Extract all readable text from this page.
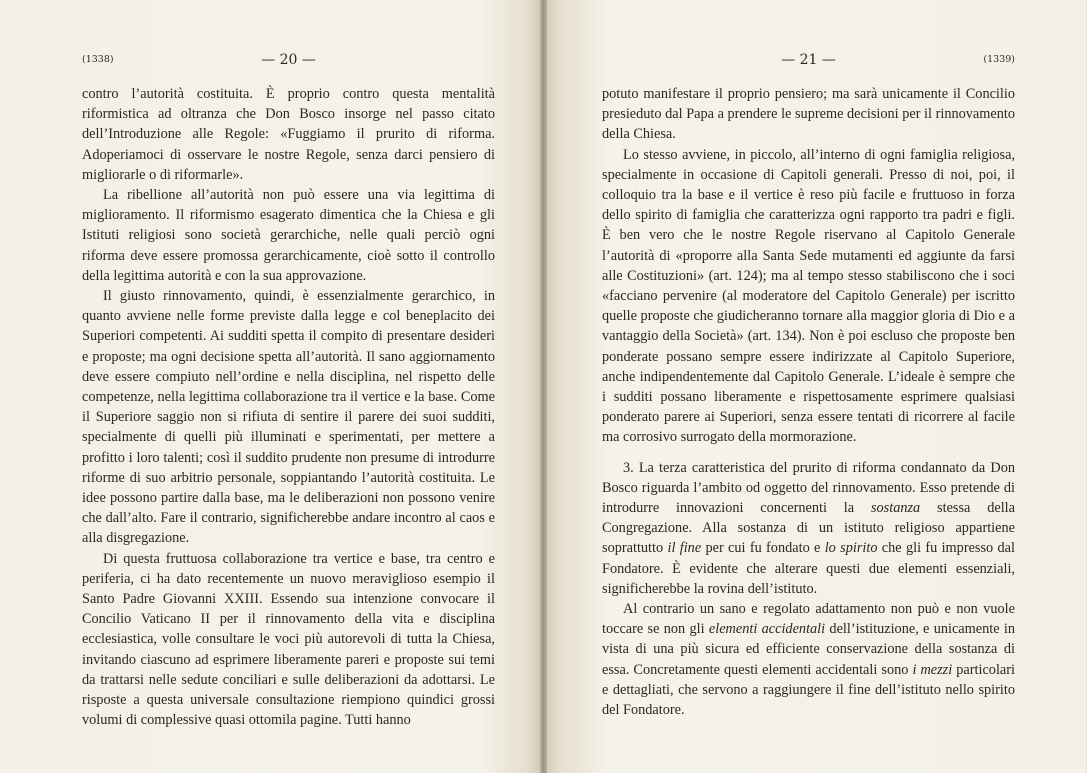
(1338)	— 20 —

contro l’autorità costituita. È proprio contro questa mentalità riformistica ad oltranza che Don Bosco insorge nel passo citato dell’Introduzione alle Regole: «Fuggiamo il prurito di riforma. Adoperiamoci di osservare le nostre Regole, senza darci pensiero di migliorarle o di riformarle».

La ribellione all’autorità non può essere una via legittima di miglioramento. Il riformismo esagerato dimentica che la Chiesa e gli Istituti religiosi sono società gerarchiche, nelle quali perciò ogni riforma deve essere promossa gerarchicamente, cioè sotto il controllo della legittima autorità e con la sua approvazione.

Il giusto rinnovamento, quindi, è essenzialmente gerarchico, in quanto avviene nelle forme previste dalla legge e col beneplacito dei Superiori competenti. Ai sudditi spetta il compito di presentare desideri e proposte; ma ogni decisione spetta all’autorità. Il sano aggiornamento deve essere compiuto nell’ordine e nella disciplina, nel rispetto delle competenze, nella legittima collaborazione tra il vertice e la base. Come il Superiore saggio non si rifiuta di sentire il parere dei suoi sudditi, specialmente di quelli più illuminati e sperimentati, per mettere a profitto i loro talenti; così il suddito prudente non presume di introdurre riforme di suo arbitrio personale, soppiantando l’autorità costituita. Le idee possono partire dalla base, ma le deliberazioni non possono venire che dall’alto. Fare il contrario, significherebbe andare incontro al caos e alla disgregazione.

Di questa fruttuosa collaborazione tra vertice e base, tra centro e periferia, ci ha dato recentemente un nuovo meraviglioso esempio il Santo Padre Giovanni XXIII. Essendo sua intenzione convocare il Concilio Vaticano II per il rinnovamento della vita e disciplina ecclesiastica, volle consultare le voci più autorevoli di tutta la Chiesa, invitando ciascuno ad esprimere liberamente pareri e proposte sui temi da trattarsi nelle sedute conciliari e sulle deliberazioni da adottarsi. Le risposte a questa universale consultazione riempiono quindici grossi volumi di complessive quasi ottomila pagine. Tutti hanno

— 21 —	(1339)

potuto manifestare il proprio pensiero; ma sarà unicamente il Concilio presieduto dal Papa a prendere le supreme decisioni per il rinnovamento della Chiesa.

Lo stesso avviene, in piccolo, all’interno di ogni famiglia religiosa, specialmente in occasione di Capitoli generali. Presso di noi, poi, il colloquio tra la base e il vertice è reso più facile e fruttuoso in forza dello spirito di famiglia che caratterizza ogni rapporto tra padri e figli. È ben vero che le nostre Regole riservano al Capitolo Generale l’autorità di «proporre alla Santa Sede mutamenti ed aggiunte da farsi alle Costituzioni» (art. 124); ma al tempo stesso stabiliscono che i soci «facciano pervenire (al moderatore del Capitolo Generale) per iscritto quelle proposte che giudicheranno tornare alla maggior gloria di Dio e a vantaggio della Società» (art. 134). Non è poi escluso che proposte ben ponderate possano sempre essere indirizzate al Capitolo Superiore, anche indipendentemente dal Capitolo Generale. L’ideale è sempre che i sudditi possano liberamente e rispettosamente esprimere qualsiasi ponderato parere ai Superiori, senza essere tentati di ricorrere al facile ma corrosivo surrogato della mormorazione.

3. La terza caratteristica del prurito di riforma condannato da Don Bosco riguarda l’ambito od oggetto del rinnovamento. Esso pretende di introdurre innovazioni concernenti la sostanza stessa della Congregazione. Alla sostanza di un istituto religioso appartiene soprattutto il fine per cui fu fondato e lo spirito che gli fu impresso dal Fondatore. È evidente che alterare questi due elementi essenziali, significherebbe la rovina dell’istituto.

Al contrario un sano e regolato adattamento non può e non vuole toccare se non gli elementi accidentali dell’istituzione, e unicamente in vista di una più sicura ed efficiente conservazione della sostanza di essa. Concretamente questi elementi accidentali sono i mezzi particolari e dettagliati, che servono a raggiungere il fine dell’istituto nello spirito del Fondatore.
